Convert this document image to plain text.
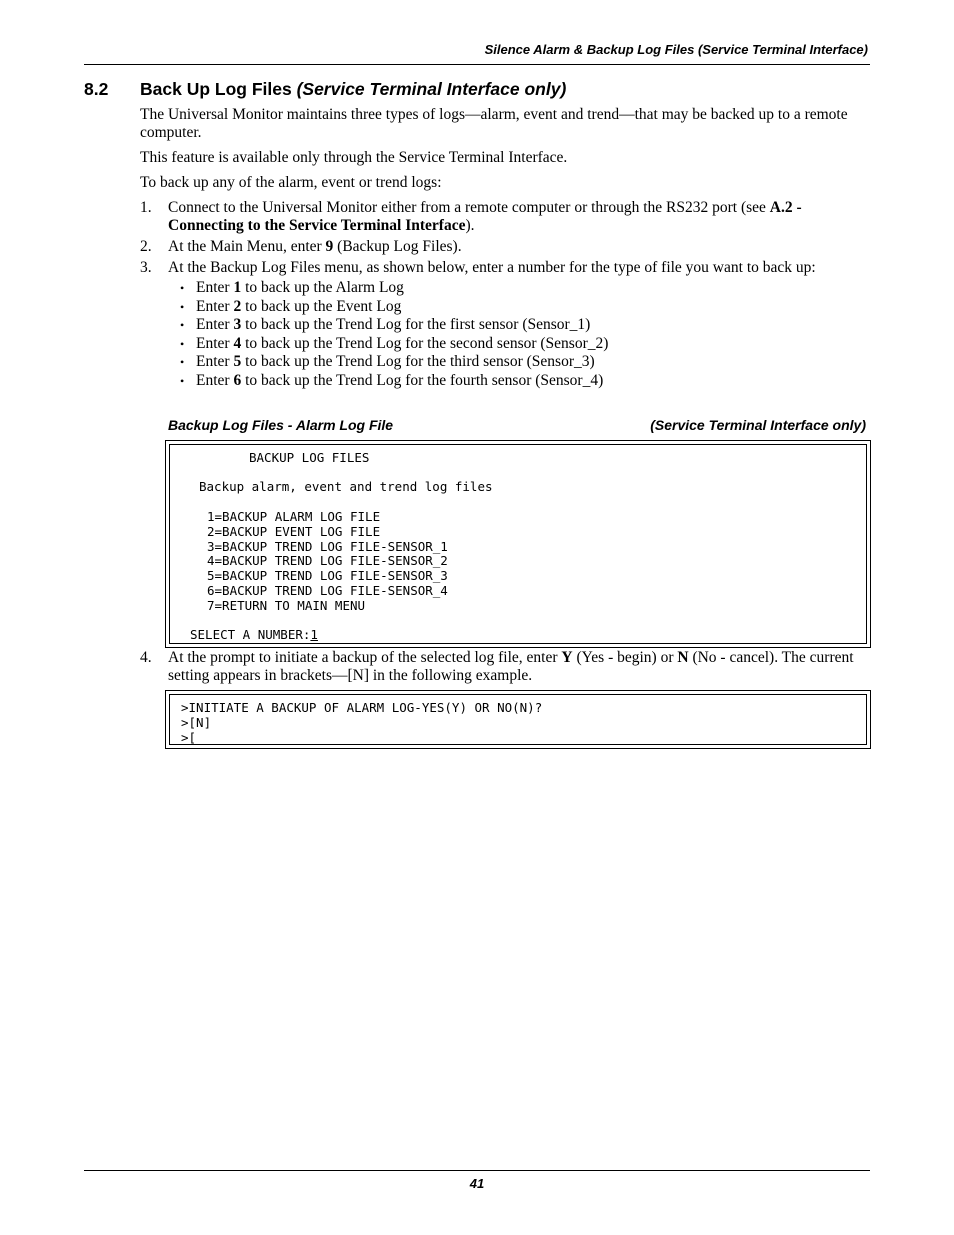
Silence Alarm & Backup Log Files (Service Terminal Interface)
8.2 Back Up Log Files (Service Terminal Interface only)

The Universal Monitor maintains three types of logs—alarm, event and trend—that may be backed up to a remote computer.

This feature is available only through the Service Terminal Interface.

To back up any of the alarm, event or trend logs:

1. Connect to the Universal Monitor either from a remote computer or through the RS232 port (see A.2 - Connecting to the Service Terminal Interface).
2. At the Main Menu, enter 9 (Backup Log Files).
3. At the Backup Log Files menu, as shown below, enter a number for the type of file you want to back up:
• Enter 1 to back up the Alarm Log
• Enter 2 to back up the Event Log
• Enter 3 to back up the Trend Log for the first sensor (Sensor_1)
• Enter 4 to back up the Trend Log for the second sensor (Sensor_2)
• Enter 5 to back up the Trend Log for the third sensor (Sensor_3)
• Enter 6 to back up the Trend Log for the fourth sensor (Sensor_4)
Backup Log Files - Alarm Log File	(Service Terminal Interface only)
BACKUP LOG FILES
Backup alarm, event and trend log files
1=BACKUP ALARM LOG FILE
2=BACKUP EVENT LOG FILE
3=BACKUP TREND LOG FILE-SENSOR_1
4=BACKUP TREND LOG FILE-SENSOR_2
5=BACKUP TREND LOG FILE-SENSOR_3
6=BACKUP TREND LOG FILE-SENSOR_4
7=RETURN TO MAIN MENU
SELECT A NUMBER:1
4. At the prompt to initiate a backup of the selected log file, enter Y (Yes - begin) or N (No - cancel). The current setting appears in brackets—[N] in the following example.
>INITIATE A BACKUP OF ALARM LOG-YES(Y) OR NO(N)?
>[N]
>[
41
